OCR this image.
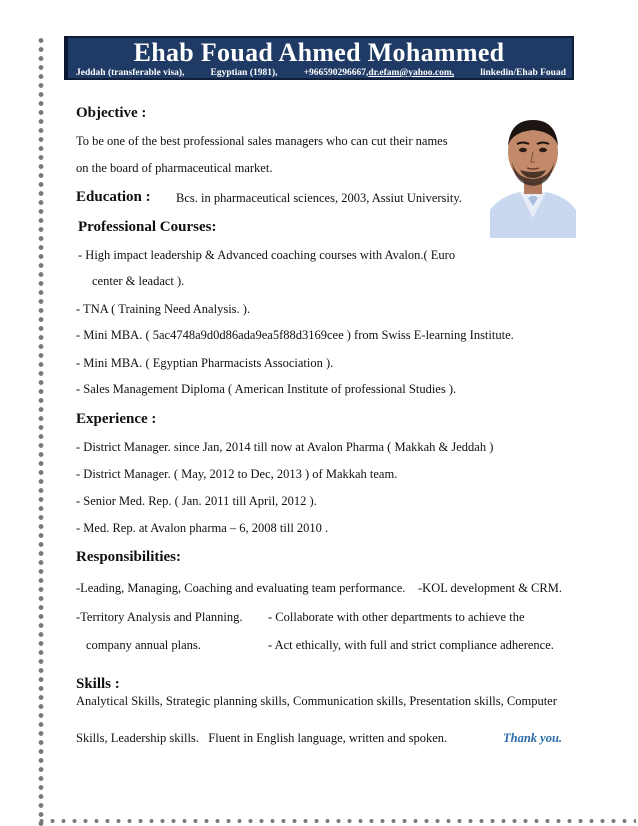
Ehab Fouad Ahmed Mohammed
Jeddah (transferable visa),	Egyptian (1981),	+966590296667,dr.efam@yahoo.com,	linkedin/Ehab Fouad
Objective :
To be one of the best professional sales managers who can cut their names
on the board of pharmaceutical market.
Education : Bcs. in pharmaceutical sciences, 2003, Assiut University.
Professional Courses:
- High impact leadership & Advanced coaching courses with Avalon.( Euro
center & leadact ).
- TNA ( Training Need Analysis. ).
- Mini MBA. ( 5ac4748a9d0d86ada9ea5f88d3169cee ) from Swiss E-learning Institute.
- Mini MBA. ( Egyptian Pharmacists Association ).
- Sales Management Diploma ( American Institute of professional Studies ).
Experience :
- District Manager. since Jan, 2014 till now at Avalon Pharma ( Makkah & Jeddah )
- District Manager. ( May, 2012 to Dec, 2013 ) of Makkah team.
- Senior Med. Rep. ( Jan. 2011 till April, 2012 ).
- Med. Rep. at Avalon pharma – 6, 2008 till 2010 .
Responsibilities:
-Leading, Managing, Coaching and evaluating team performance. -KOL development & CRM.
-Territory Analysis and Planning. - Collaborate with other departments to achieve the
company annual plans.	- Act ethically, with full and strict compliance adherence.
Skills :
Analytical Skills, Strategic planning skills, Communication skills, Presentation skills, Computer
Skills, Leadership skills.   Fluent in English language, written and spoken.	Thank you.
